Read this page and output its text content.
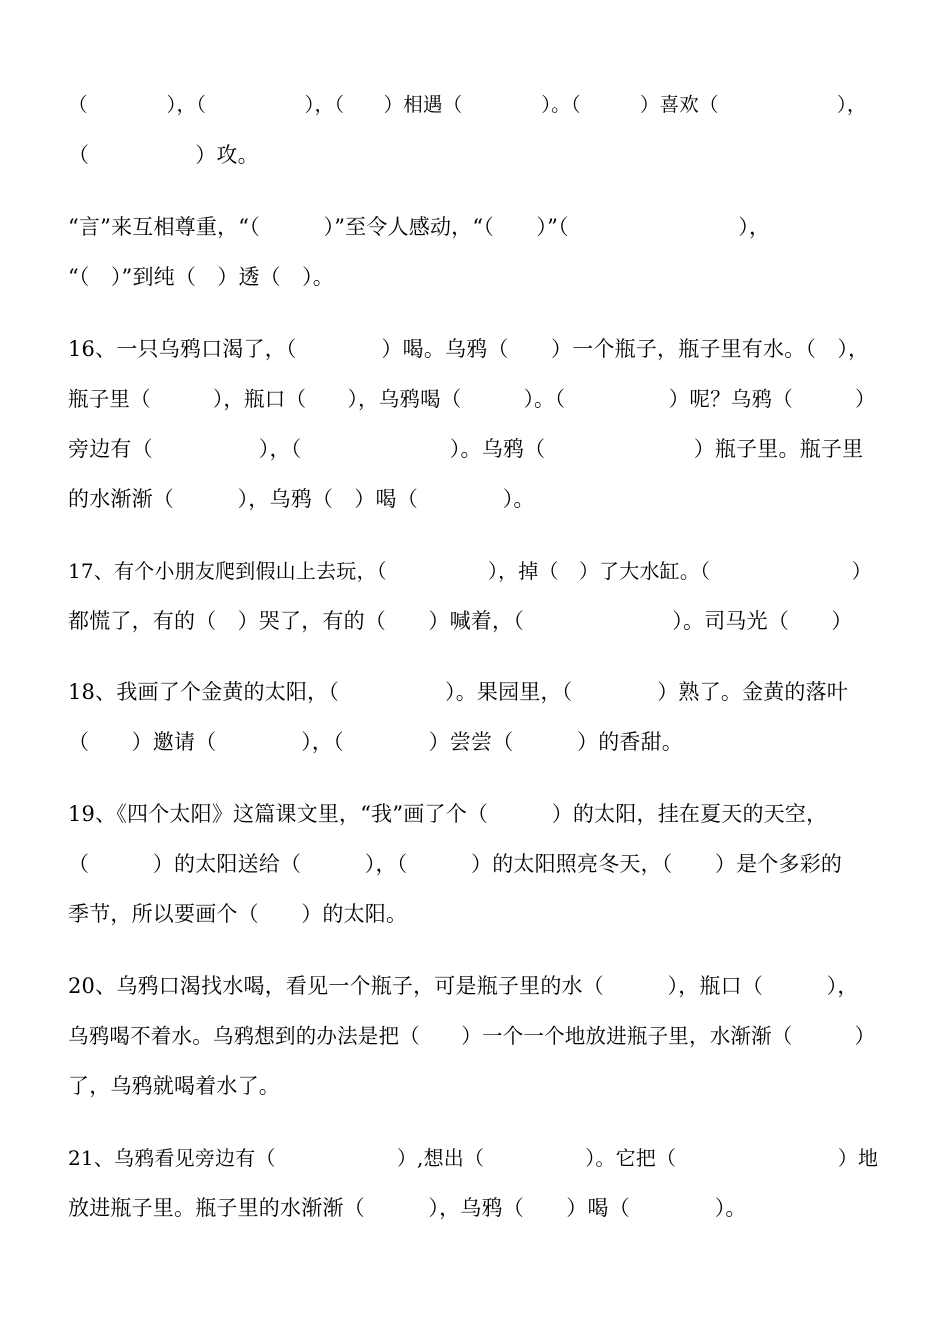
（　　　　），（　　　　　），（　　）相遇（　　　　）。（　　　）喜欢（　　　　　　），
（　　　　　）攻。
“言”来互相尊重，“（　　　）”至令人感动，“（　　）”（　　　　　　　　），
“（　）”到纯（　）透（　）。
16、一只乌鸦口渴了，（　　　　）喝。乌鸦（　　）一个瓶子，瓶子里有水。（　），
瓶子里（　　　），瓶口（　　），乌鸦喝（　　　）。（　　　　　）呢？乌鸦（　　　）
旁边有（　　　　　），（　　　　　　　）。乌鸦（　　　　　　　）瓶子里。瓶子里
的水渐渐（　　　），乌鸦（　）喝（　　　　）。
17、有个小朋友爬到假山上去玩，（　　　　　），掉（　）了大水缸。（　　　　　　　）
都慌了，有的（　）哭了，有的（　　）喊着，（　　　　　　　）。司马光（　　）
18、我画了个金黄的太阳，（　　　　　）。果园里，（　　　　）熟了。金黄的落叶
（　　）邀请（　　　　），（　　　　）尝尝（　　　）的香甜。
19、《四个太阳》这篇课文里，“我”画了个（　　　）的太阳，挂在夏天的天空，
（　　　）的太阳送给（　　　），（　　　）的太阳照亮冬天，（　　）是个多彩的
季节，所以要画个（　　）的太阳。
20、乌鸦口渴找水喝，看见一个瓶子，可是瓶子里的水（　　　），瓶口（　　　），
乌鸦喝不着水。乌鸦想到的办法是把（　　）一个一个地放进瓶子里，水渐渐（　　　）
了，乌鸦就喝着水了。
21、乌鸦看见旁边有（　　　　　　）,想出（　　　　　）。它把（　　　　　　　　）地
放进瓶子里。瓶子里的水渐渐（　　　），乌鸦（　　）喝（　　　　）。
